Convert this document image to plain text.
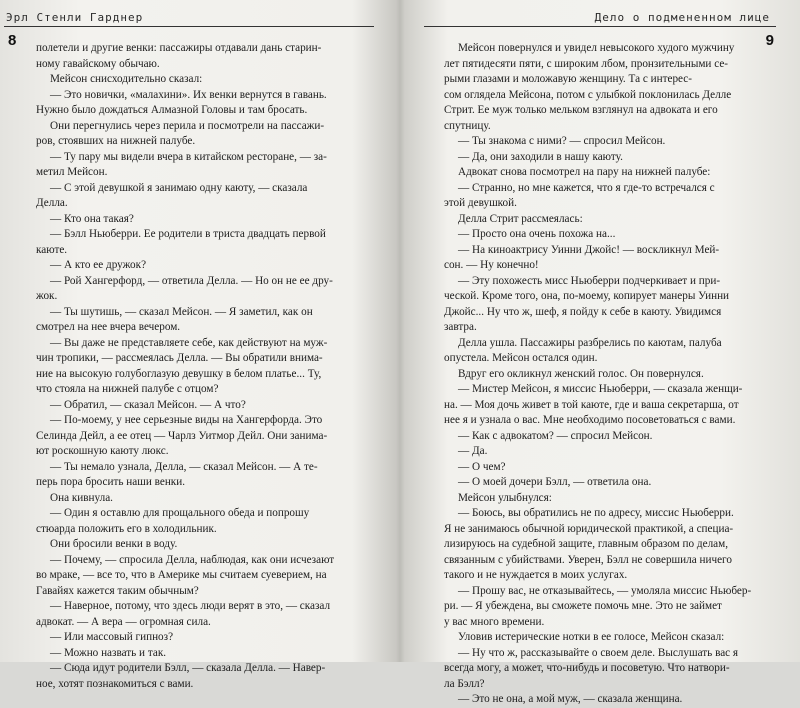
Эрл Стенли Гарднер
8 полетели и другие венки: пассажиры отдавали дань старин-
ному гавайскому обычаю.
Мейсон снисходительно сказал:
— Это новички, «малахини». Их венки вернутся в гавань.
Нужно было дождаться Алмазной Головы и там бросать.
Они перегнулись через перила и посмотрели на пассажи-
ров, стоявших на нижней палубе.
— Ту пару мы видели вчера в китайском ресторане, — за-
метил Мейсон.
— С этой девушкой я занимаю одну каюту, — сказала
Делла.
— Кто она такая?
— Бэлл Ньюберри. Ее родители в триста двадцать первой
каюте.
— А кто ее дружок?
— Рой Хангерфорд, — ответила Делла. — Но он не ее дру-
жок.
— Ты шутишь, — сказал Мейсон. — Я заметил, как он
смотрел на нее вчера вечером.
— Вы даже не представляете себе, как действуют на муж-
чин тропики, — рассмеялась Делла. — Вы обратили внима-
ние на высокую голубоглазую девушку в белом платье... Ту,
что стояла на нижней палубе с отцом?
— Обратил, — сказал Мейсон. — А что?
— По-моему, у нее серьезные виды на Хангерфорда. Это
Селинда Дейл, а ее отец — Чарлз Уитмор Дейл. Они занима-
ют роскошную каюту люкс.
— Ты немало узнала, Делла, — сказал Мейсон. — А те-
перь пора бросить наши венки.
Она кивнула.
— Один я оставлю для прощального обеда и попрошу
стюарда положить его в холодильник.
Они бросили венки в воду.
— Почему, — спросила Делла, наблюдая, как они исчезают
во мраке, — все то, что в Америке мы считаем суеверием, на
Гавайях кажется таким обычным?
— Наверное, потому, что здесь люди верят в это, — сказал
адвокат. — А вера — огромная сила.
— Или массовый гипноз?
— Можно назвать и так.
— Сюда идут родители Бэлл, — сказала Делла. — Навер-
ное, хотят познакомиться с вами.
Дело о подмененном лице
9
Мейсон повернулся и увидел невысокого худого мужчину
лет пятидесяти пяти, с широким лбом, пронзительными се-
рыми глазами и моложавую женщину. Та с интерес-
сом оглядела Мейсона, потом с улыбкой поклонилась Делле
Стрит. Ее муж только мельком взглянул на адвоката и его
спутницу.
— Ты знакома с ними? — спросил Мейсон.
— Да, они заходили в нашу каюту.
Адвокат снова посмотрел на пару на нижней палубе:
— Странно, но мне кажется, что я где-то встречался с
этой девушкой.
Делла Стрит рассмеялась:
— Просто она очень похожа на...
— На киноактрису Уинни Джойс! — воскликнул Мей-
сон. — Ну конечно!
— Эту похожесть мисс Ньюберри подчеркивает и при-
ческой. Кроме того, она, по-моему, копирует манеры Уинни
Джойс... Ну что ж, шеф, я пойду к себе в каюту. Увидимся
завтра.
Делла ушла. Пассажиры разбрелись по каютам, палуба
опустела. Мейсон остался один.
Вдруг его окликнул женский голос. Он повернулся.
— Мистер Мейсон, я миссис Ньюберри, — сказала женщи-
на. — Моя дочь живет в той каюте, где и ваша секретарша, от
нее я и узнала о вас. Мне необходимо посоветоваться с вами.
— Как с адвокатом? — спросил Мейсон.
— Да.
— О чем?
— О моей дочери Бэлл, — ответила она.
Мейсон улыбнулся:
— Боюсь, вы обратились не по адресу, миссис Ньюберри.
Я не занимаюсь обычной юридической практикой, а специа-
лизируюсь на судебной защите, главным образом по делам,
связанным с убийствами. Уверен, Бэлл не совершила ничего
такого и не нуждается в моих услугах.
— Прошу вас, не отказывайтесь, — умоляла миссис Ньюбер-
ри. — Я убеждена, вы сможете помочь мне. Это не займет
у вас много времени.
Уловив истерические нотки в ее голосе, Мейсон сказал:
— Ну что ж, рассказывайте о своем деле. Выслушать вас я
всегда могу, а может, что-нибудь и посоветую. Что натвори-
ла Бэлл?
— Это не она, а мой муж, — сказала женщина.
